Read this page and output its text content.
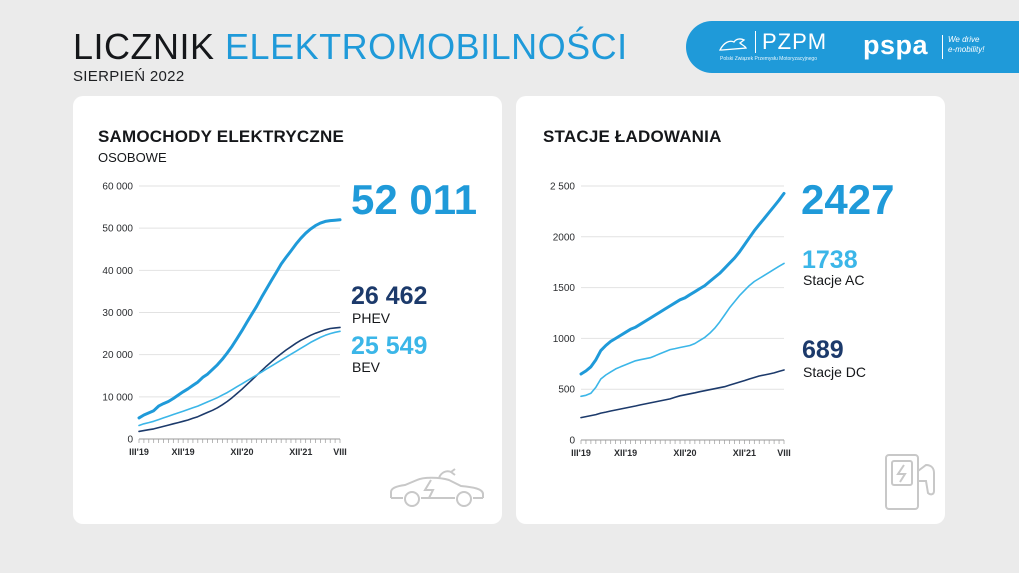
LICZNIK ELEKTROMOBILNOŚCI
SIERPIEŃ 2022
PZPM
Polski Związek Przemysłu Motoryzacyjnego pspa We drive e-mobility!
SAMOCHODY ELEKTRYCZNE
OSOBOWE
0
10 000
20 000
30 000
40 000
50 000
60 000
III'19	XII'19	XII'20	XII'21 VIII
52 011
26 462
PHEV
25 549
BEV
STACJE ŁADOWANIA
0
500
1000
1500
2000
2 500
III'19	XII'19	XII'20	XII'21 VIII
2427
1738
Stacje AC
689
Stacje DC
